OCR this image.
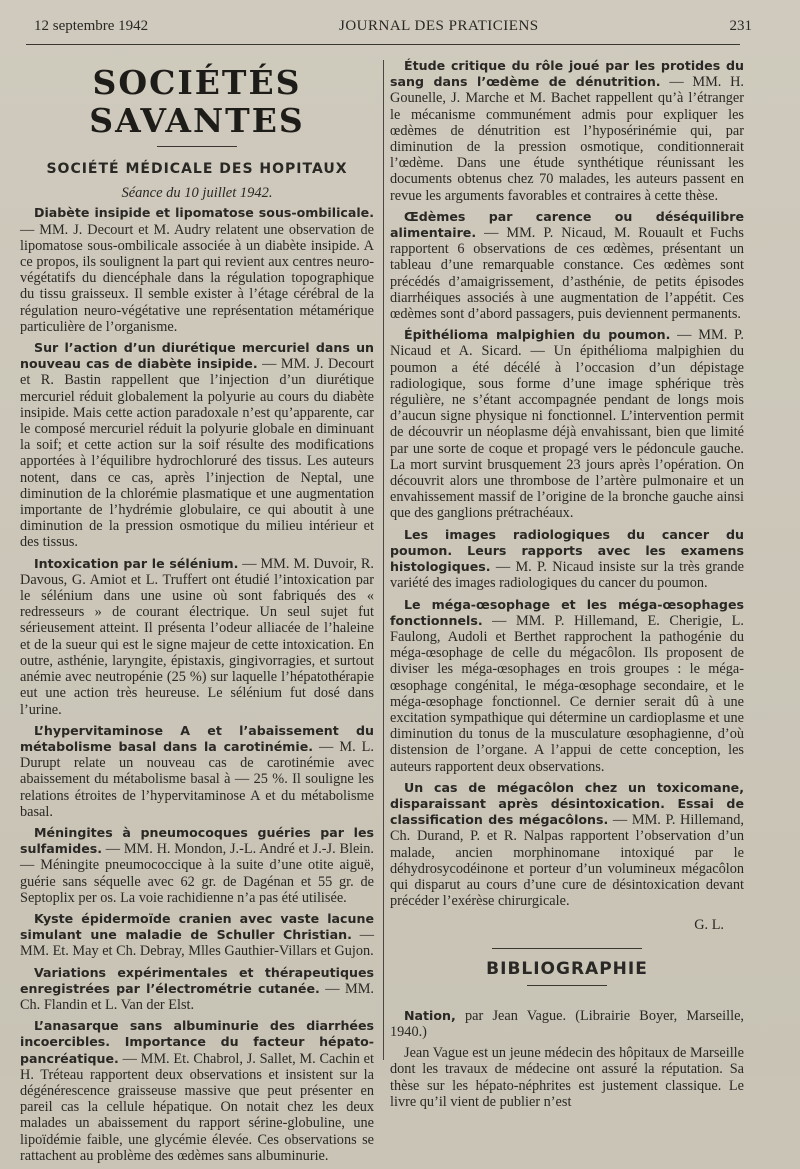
12 septembre 1942	JOURNAL DES PRATICIENS	231
SOCIÉTÉS SAVANTES
SOCIÉTÉ MÉDICALE DES HOPITAUX
Séance du 10 juillet 1942.

Diabète insipide et lipomatose sous-ombilicale. — MM. J. Decourt et M. Audry relatent une observation de lipomatose sous-ombilicale associée à un diabète insipide. A ce propos, ils soulignent la part qui revient aux centres neuro-végétatifs du diencéphale dans la régulation topographique du tissu graisseux. Il semble exister à l’étage cérébral de la régulation neuro-végétative une représentation métamérique particulière de l’organisme.

Sur l’action d’un diurétique mercuriel dans un nouveau cas de diabète insipide. — MM. J. Decourt et R. Bastin rappellent que l’injection d’un diurétique mercuriel réduit globalement la polyurie au cours du diabète insipide. Mais cette action paradoxale n’est qu’apparente, car le composé mercuriel réduit la polyurie globale en diminuant la soif; et cette action sur la soif résulte des modifications apportées à l’équilibre hydrochloruré des tissus. Les auteurs notent, dans ce cas, après l’injection de Neptal, une diminution de la chlorémie plasmatique et une augmentation importante de l’hydrémie globulaire, ce qui aboutit à une diminution de la pression osmotique du milieu intérieur et des tissus.

Intoxication par le sélénium. — MM. M. Duvoir, R. Davous, G. Amiot et L. Truffert ont étudié l’intoxication par le sélénium dans une usine où sont fabriqués des « redresseurs » de courant électrique. Un seul sujet fut sérieusement atteint. Il présenta l’odeur alliacée de l’haleine et de la sueur qui est le signe majeur de cette intoxication. En outre, asthénie, laryngite, épistaxis, gingivorragies, et surtout anémie avec neutropénie (25 %) sur laquelle l’hépatothérapie eut une action très heureuse. Le sélénium fut dosé dans l’urine.

L’hypervitaminose A et l’abaissement du métabolisme basal dans la carotinémie. — M. L. Durupt relate un nouveau cas de carotinémie avec abaissement du métabolisme basal à — 25 %. Il souligne les relations étroites de l’hypervitaminose A et du métabolisme basal.

Méningites à pneumocoques guéries par les sulfamides. — MM. H. Mondon, J.-L. André et J.-J. Blein. — Méningite pneumococcique à la suite d’une otite aiguë, guérie sans séquelle avec 62 gr. de Dagénan et 55 gr. de Septoplix per os. La voie rachidienne n’a pas été utilisée.

Kyste épidermoïde cranien avec vaste lacune simulant une maladie de Schuller Christian. — MM. Et. May et Ch. Debray, Mlles Gauthier-Villars et Gujon.

Variations expérimentales et thérapeutiques enregistrées par l’électrométrie cutanée. — MM. Ch. Flandin et L. Van der Elst.

L’anasarque sans albuminurie des diarrhées incoercibles. Importance du facteur hépato-pancréatique. — MM. Et. Chabrol, J. Sallet, M. Cachin et H. Tréteau rapportent deux observations et insistent sur la dégénérescence graisseuse massive que peut présenter en pareil cas la cellule hépatique. On notait chez les deux malades un abaissement du rapport sérine-globuline, une lipoïdémie faible, une glycémie élevée. Ces observations se rattachent au problème des œdèmes sans albuminurie.

Étude critique du rôle joué par les protides du sang dans l’œdème de dénutrition. — MM. H. Gounelle, J. Marche et M. Bachet rappellent qu’à l’étranger le mécanisme communément admis pour expliquer les œdèmes de dénutrition est l’hyposérinémie qui, par diminution de la pression osmotique, conditionnerait l’œdème. Dans une étude synthétique réunissant les documents obtenus chez 70 malades, les auteurs passent en revue les arguments favorables et contraires à cette thèse.

Œdèmes par carence ou déséquilibre alimentaire. — MM. P. Nicaud, M. Rouault et Fuchs rapportent 6 observations de ces œdèmes, présentant un tableau d’une remarquable constance. Ces œdèmes sont précédés d’amaigrissement, d’asthénie, de petits épisodes diarrhéiques associés à une augmentation de l’appétit. Ces œdèmes sont d’abord passagers, puis deviennent permanents.

Épithélioma malpighien du poumon. — MM. P. Nicaud et A. Sicard. — Un épithélioma malpighien du poumon a été décélé à l’occasion d’un dépistage radiologique, sous forme d’une image sphérique très régulière, ne s’étant accompagnée pendant de longs mois d’aucun signe physique ni fonctionnel. L’intervention permit de découvrir un néoplasme déjà envahissant, bien que limité par une sorte de coque et propagé vers le pédoncule gauche. La mort survint brusquement 23 jours après l’opération. On découvrit alors une thrombose de l’artère pulmonaire et un envahissement massif de l’origine de la bronche gauche ainsi que des ganglions prétrachéaux.

Les images radiologiques du cancer du poumon. Leurs rapports avec les examens histologiques. — M. P. Nicaud insiste sur la très grande variété des images radiologiques du cancer du poumon.

Le méga-œsophage et les méga-œsophages fonctionnels. — MM. P. Hillemand, E. Cherigie, L. Faulong, Audoli et Berthet rapprochent la pathogénie du méga-œsophage de celle du mégacôlon. Ils proposent de diviser les méga-œsophages en trois groupes : le méga-œsophage congénital, le méga-œsophage secondaire, et le méga-œsophage fonctionnel. Ce dernier serait dû à une excitation sympathique qui détermine un cardioplasme et une diminution du tonus de la musculature œsophagienne, d’où distension de l’organe. A l’appui de cette conception, les auteurs rapportent deux observations.

Un cas de mégacôlon chez un toxicomane, disparaissant après désintoxication. Essai de classification des mégacôlons. — MM. P. Hillemand, Ch. Durand, P. et R. Nalpas rapportent l’observation d’un malade, ancien morphinomane intoxiqué par le déhydrosycodéinone et porteur d’un volumineux mégacôlon qui disparut au cours d’une cure de désintoxication devant précéder l’exérèse chirurgicale.

G. L.
BIBLIOGRAPHIE

Nation, par Jean Vague. (Librairie Boyer, Marseille, 1940.)

Jean Vague est un jeune médecin des hôpitaux de Marseille dont les travaux de médecine ont assuré la réputation. Sa thèse sur les hépato-néphrites est justement classique. Le livre qu’il vient de publier n’est
